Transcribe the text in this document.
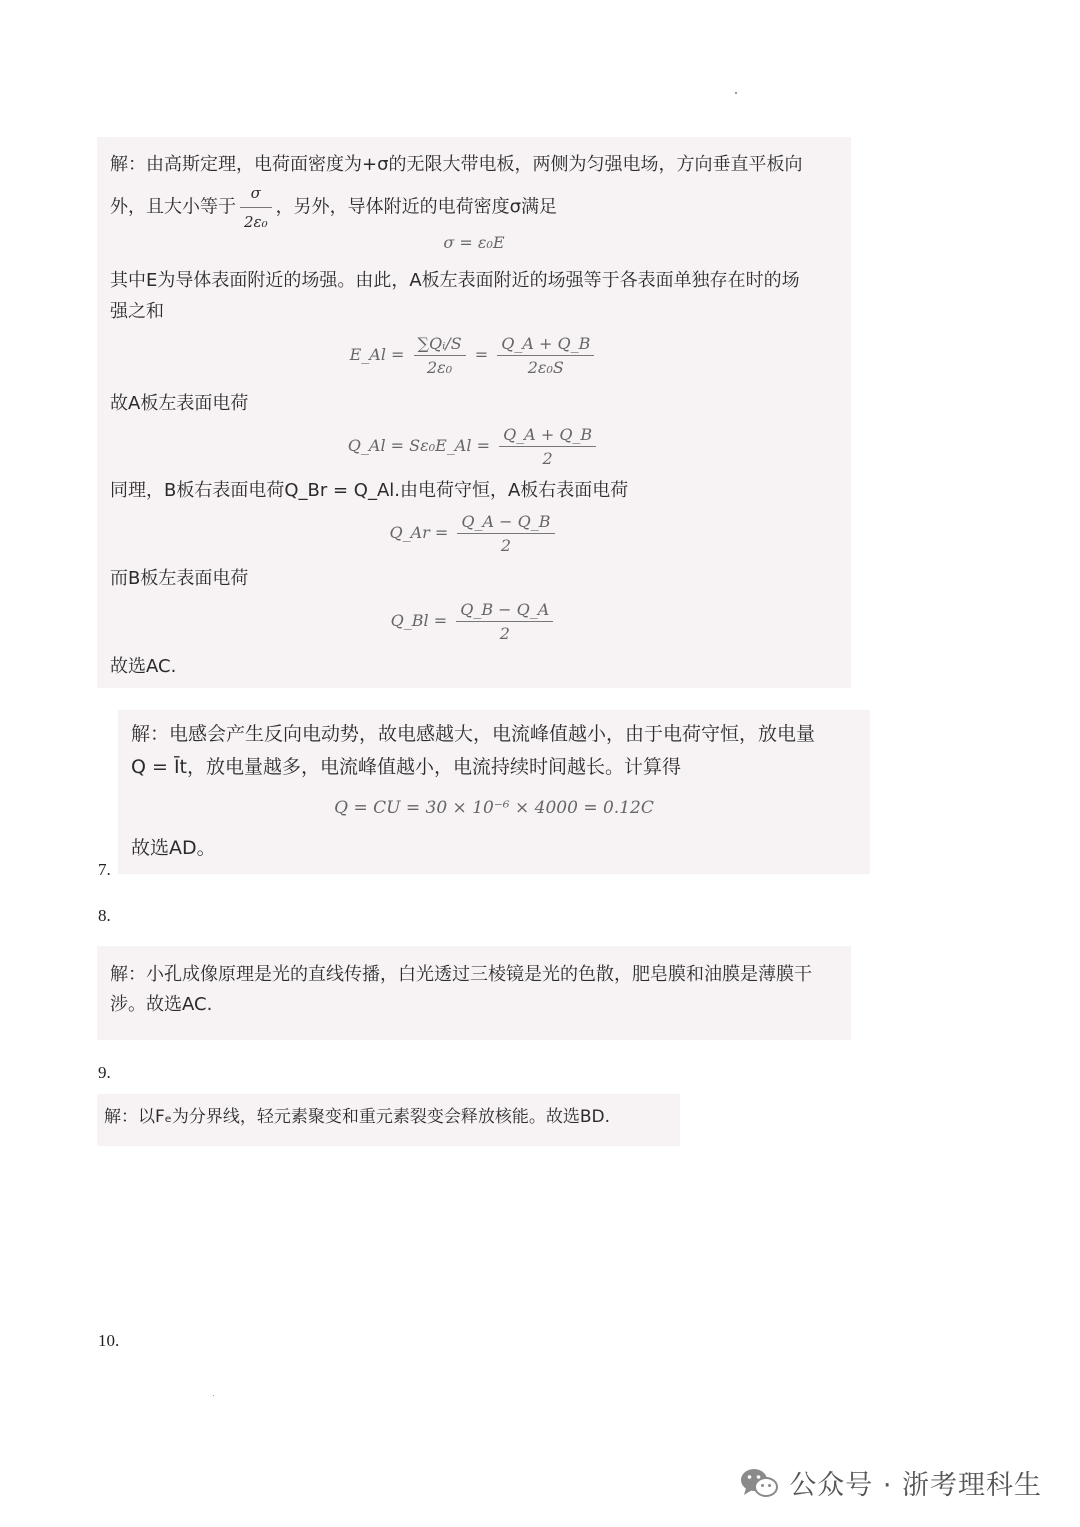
解：由高斯定理，电荷面密度为+σ的无限大带电板，两侧为匀强电场，方向垂直平板向
外，且大小等于 $\frac{\sigma}{\text{2ε₀}}$ ，另外，导体附近的电荷密度σ满足
σ = ε₀E
其中E为导体表面附近的场强。由此，A板左表面附近的场强等于各表面单独存在时的场
强之和
E_Al = $\frac{\text{∑Qᵢ/S}}{\text{2ε₀}} = \frac{Q\_A + Q\_B}{\text{2ε₀S}}$
故A板左表面电荷
Q_Al = Sε₀E_Al = $\frac{Q\_A + Q\_B}{2}$
同理，B板右表面电荷Q_Br = Q_Al.由电荷守恒，A板右表面电荷
Q_Ar = $\frac{Q\_A - Q\_B}{2}$
而B板左表面电荷
Q_Bl = $\frac{Q\_B - Q\_A}{2}$
故选AC.
7.
解：电感会产生反向电动势，故电感越大，电流峰值越小，由于电荷守恒，放电量
Q = Īt，放电量越多，电流峰值越小，电流持续时间越长。计算得
Q = CU = 30 × 10⁻⁶ × 4000 = 0.12C
故选AD。
8.
解：小孔成像原理是光的直线传播，白光透过三棱镜是光的色散，肥皂膜和油膜是薄膜干
涉。故选AC.
9.
解：以Fₑ为分界线，轻元素聚变和重元素裂变会释放核能。故选BD.
10.
公众号 · 浙考理科生
